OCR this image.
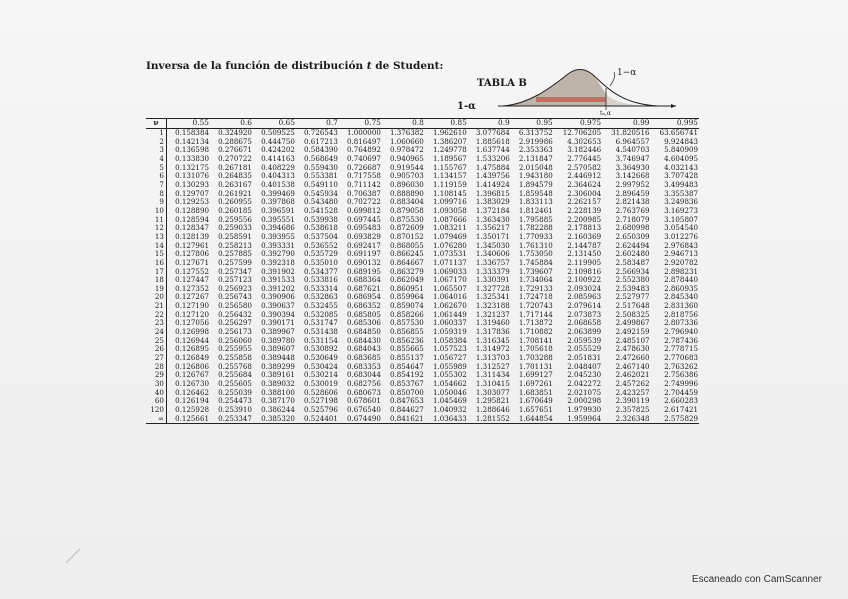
Inversa de la función de distribución t de Student:
TABLA B
1-α
1−α
tₙ,α
ν	0.55	0.6	0.65	0.7	0.75	0.8	0.85	0.9	0.95	0.975	0.99	0.995
1	0.158384	0.324920	0.509525	0.726543	1.000000	1.376382	1.962610	3.077684	6.313752	12.706205	31.820516	63.656741
2	0.142134	0.288675	0.444750	0.617213	0.816497	1.060660	1.386207	1.885618	2.919986	4.302653	6.964557	9.924843
3	0.136598	0.276671	0.424202	0.584390	0.764892	0.978472	1.249778	1.637744	2.353363	3.182446	4.540703	5.840909
4	0.133830	0.270722	0.414163	0.568649	0.740697	0.940965	1.189567	1.533206	2.131847	2.776445	3.746947	4.604095
5	0.132175	0.267181	0.408229	0.559430	0.726687	0.919544	1.155767	1.475884	2.015048	2.570582	3.364930	4.032143
6	0.131076	0.264835	0.404313	0.553381	0.717558	0.905703	1.134157	1.439756	1.943180	2.446912	3.142668	3.707428
7	0.130293	0.263167	0.401538	0.549110	0.711142	0.896030	1.119159	1.414924	1.894579	2.364624	2.997952	3.499483
8	0.129707	0.261921	0.399469	0.545934	0.706387	0.888890	1.108145	1.396815	1.859548	2.306004	2.896459	3.355387
9	0.129253	0.260955	0.397868	0.543480	0.702722	0.883404	1.099716	1.383029	1.833113	2.262157	2.821438	3.249836
10	0.128890	0.260185	0.396591	0.541528	0.699812	0.879058	1.093058	1.372184	1.812461	2.228139	2.763769	3.169273
11	0.128594	0.259556	0.395551	0.539938	0.697445	0.875530	1.087666	1.363430	1.795885	2.200985	2.718079	3.105807
12	0.128347	0.259033	0.394686	0.538618	0.695483	0.872609	1.083211	1.356217	1.782288	2.178813	2.680998	3.054540
13	0.128139	0.258591	0.393955	0.537504	0.693829	0.870152	1.079469	1.350171	1.770933	2.160369	2.650309	3.012276
14	0.127961	0.258213	0.393331	0.536552	0.692417	0.868055	1.076280	1.345030	1.761310	2.144787	2.624494	2.976843
15	0.127806	0.257885	0.392790	0.535729	0.691197	0.866245	1.073531	1.340606	1.753050	2.131450	2.602480	2.946713
16	0.127671	0.257599	0.392318	0.535010	0.690132	0.864667	1.071137	1.336757	1.745884	2.119905	2.583487	2.920782
17	0.127552	0.257347	0.391902	0.534377	0.689195	0.863279	1.069033	1.333379	1.739607	2.109816	2.566934	2.898231
18	0.127447	0.257123	0.391533	0.533816	0.688364	0.862049	1.067170	1.330391	1.734064	2.100922	2.552380	2.878440
19	0.127352	0.256923	0.391202	0.533314	0.687621	0.860951	1.065507	1.327728	1.729133	2.093024	2.539483	2.860935
20	0.127267	0.256743	0.390906	0.532863	0.686954	0.859964	1.064016	1.325341	1.724718	2.085963	2.527977	2.845340
21	0.127190	0.256580	0.390637	0.532455	0.686352	0.859074	1.062670	1.323188	1.720743	2.079614	2.517648	2.831360
22	0.127120	0.256432	0.390394	0.532085	0.685805	0.858266	1.061449	1.321237	1.717144	2.073873	2.508325	2.818756
23	0.127056	0.256297	0.390171	0.531747	0.685306	0.857530	1.060337	1.319460	1.713872	2.068658	2.499867	2.807336
24	0.126998	0.256173	0.389967	0.531438	0.684850	0.856855	1.059319	1.317836	1.710882	2.063899	2.492159	2.796940
25	0.126944	0.256060	0.389780	0.531154	0.684430	0.856236	1.058384	1.316345	1.708141	2.059539	2.485107	2.787436
26	0.126895	0.255955	0.389607	0.530892	0.684043	0.855665	1.057523	1.314972	1.705618	2.055529	2.478630	2.778715
27	0.126849	0.255858	0.389448	0.530649	0.683685	0.855137	1.056727	1.313703	1.703288	2.051831	2.472660	2.770683
28	0.126806	0.255768	0.389299	0.530424	0.683353	0.854647	1.055989	1.312527	1.701131	2.048407	2.467140	2.763262
29	0.126767	0.255684	0.389161	0.530214	0.683044	0.854192	1.055302	1.311434	1.699127	2.045230	2.462021	2.756386
30	0.126730	0.255605	0.389032	0.530019	0.682756	0.853767	1.054662	1.310415	1.697261	2.042272	2.457262	2.749996
40	0.126462	0.255039	0.388100	0.528606	0.680673	0.850700	1.050046	1.303077	1.683851	2.021075	2.423257	2.704459
60	0.126194	0.254473	0.387170	0.527198	0.678601	0.847653	1.045469	1.295821	1.670649	2.000298	2.390119	2.660283
120	0.125928	0.253910	0.386244	0.525796	0.676540	0.844627	1.040932	1.288646	1.657651	1.979930	2.357825	2.617421
∞	0.125661	0.253347	0.385320	0.524401	0.674490	0.841621	1.036433	1.281552	1.644854	1.959964	2.326348	2.575829
Escaneado con CamScanner
